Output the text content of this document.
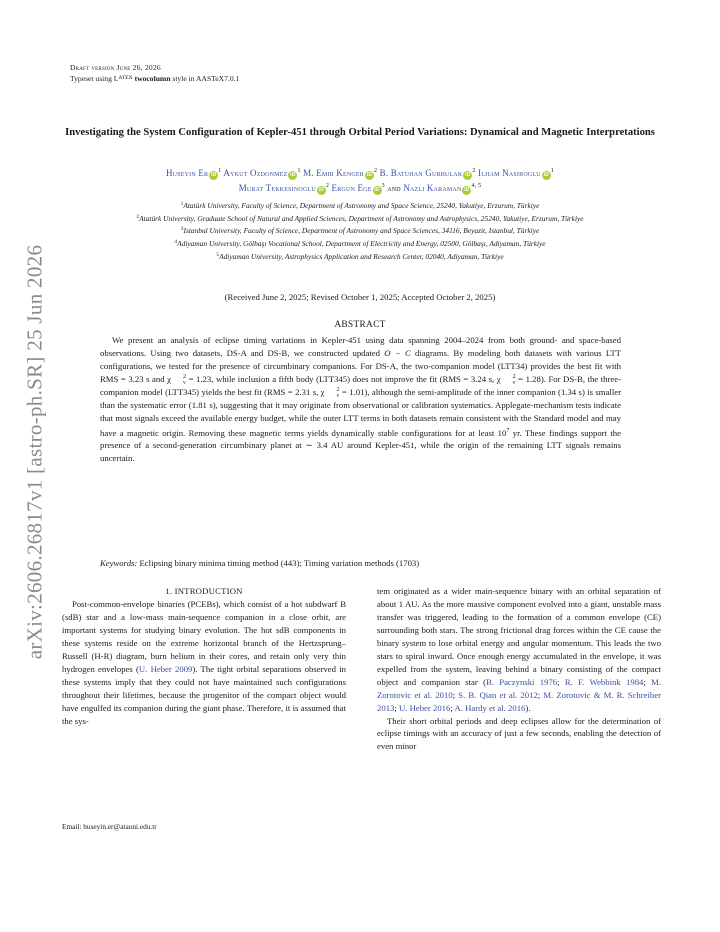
arXiv:2606.26817v1 [astro-ph.SR] 25 Jun 2026
Draft version June 26, 2026
Typeset using $L^{ATEX}$ twocolumn style in AASTeX7.0.1
Investigating the System Configuration of Kepler-451 through Orbital Period Variations: Dynamical and Magnetic Interpretations
Huseyin Er $iD^1$ Aykut Ozdonmez $iD^1$ M. Emir Kenger $iD^2$ B. Batuhan Gurbulak $iD^2$ Ilham Nasiroglu $iD^1$
Murat Tekkesinoglu $iD^2$ Ergun Ege $iD^3$ and Nazli Karaman iD$^{4, 5}$
$^1$Atatürk University, Faculty of Science, Department of Astronomy and Space Science, 25240, Yakutiye, Erzurum, Türkiye
$^2$Atatürk University, Graduate School of Natural and Applied Sciences, Department of Astronomy and Astrophysics, 25240, Yakutiye, Erzurum, Türkiye
$^3$Istanbul University, Faculty of Science, Department of Astronomy and Space Sciences, 34116, Beyazit, Istanbul, Türkiye
$^4$Adiyaman University, Gölbaşı Vocational School, Department of Electricity and Energy, 02500, Gölbaşı, Adiyaman, Türkiye
$^5$Adiyaman University, Astrophysics Application and Research Center, 02040, Adiyaman, Türkiye
(Received June 2, 2025; Revised October 1, 2025; Accepted October 2, 2025)
ABSTRACT
We present an analysis of eclipse timing variations in Kepler-451 using data spanning 2004–2024 from both ground- and space-based observations. Using two datasets, DS-A and DS-B, we constructed updated O − C diagrams. By modeling both datasets with various LTT configurations, we tested for the presence of circumbinary companions. For DS-A, the two-companion model (LTT34) provides the best fit with RMS = 3.23 s and χ	2
ν = 1.23, while inclusion a fifth body (LTT345) does not improve the fit (RMS = 3.24 s, χ	2
ν = 1.28). For DS-B, the three-companion model (LTT345) yields the best fit (RMS = 2.31 s, χ	2
ν = 1.01), although the semi-amplitude of the inner companion (1.34 s) is smaller than the systematic error (1.81 s), suggesting that it may originate from observational or calibration systematics. Applegate-mechanism tests indicate that most signals exceed the available energy budget, while the outer LTT terms in both datasets remain consistent with the Standard model and may have a magnetic origin. Removing these magnetic terms yields dynamically stable configurations for at least $10^7$ yr. These findings support the presence of a second-generation circumbinary planet at ∼ 3.4 AU around Kepler-451, while the origin of the remaining LTT signals remains uncertain.
Keywords: Eclipsing binary minima timing method (443); Timing variation methods (1703)
1. INTRODUCTION
Post-common-envelope binaries (PCEBs), which consist of a hot subdwarf B (sdB) star and a low-mass main-sequence companion in a close orbit, are important systems for studying binary evolution. The hot sdB components in these systems reside on the extreme horizontal branch of the Hertzsprung–Russell (H-R) diagram, burn helium in their cores, and retain only very thin hydrogen envelopes (U. Heber 2009). The tight orbital separations observed in these systems imply that they could not have maintained such configurations throughout their lifetimes, because the progenitor of the compact object would have engulfed its companion during the giant phase. Therefore, it is assumed that the sys-
tem originated as a wider main-sequence binary with an orbital separation of about 1 AU. As the more massive component evolved into a giant, unstable mass transfer was triggered, leading to the formation of a common envelope (CE) surrounding both stars. The strong frictional drag forces within the CE cause the binary system to lose orbital energy and angular momentum. This leads the two stars to spiral inward. Once enough energy accumulated in the envelope, it was expelled from the system, leaving behind a binary consisting of the compact object and companion star (B. Paczynski 1976; R. F. Webbink 1984; M. Zorotovic et al. 2010; S. B. Qian et al. 2012; M. Zorotovic & M. R. Schreiber 2013; U. Heber 2016; A. Hardy et al. 2016).
Their short orbital periods and deep eclipses allow for the determination of eclipse timings with an accuracy of just a few seconds, enabling the detection of even minor
Email: huseyin.er@atauni.edu.tr
